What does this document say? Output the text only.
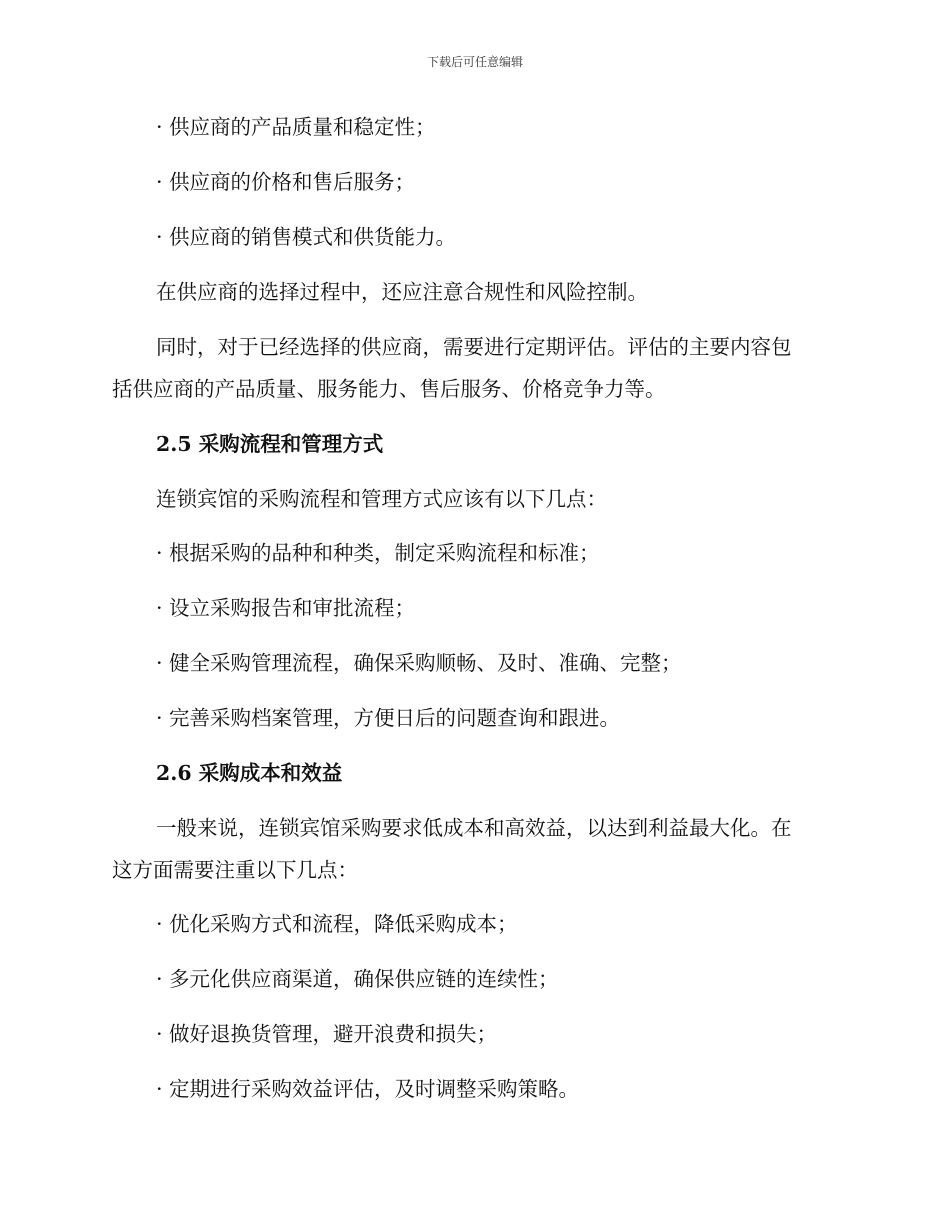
下载后可任意编辑
· 供应商的产品质量和稳定性；
· 供应商的价格和售后服务；
· 供应商的销售模式和供货能力。
在供应商的选择过程中，还应注意合规性和风险控制。
同时，对于已经选择的供应商，需要进行定期评估。评估的主要内容包
括供应商的产品质量、服务能力、售后服务、价格竞争力等。
2.5 采购流程和管理方式
连锁宾馆的采购流程和管理方式应该有以下几点：
· 根据采购的品种和种类，制定采购流程和标准；
· 设立采购报告和审批流程；
· 健全采购管理流程，确保采购顺畅、及时、准确、完整；
· 完善采购档案管理，方便日后的问题查询和跟进。
2.6 采购成本和效益
一般来说，连锁宾馆采购要求低成本和高效益，以达到利益最大化。在
这方面需要注重以下几点：
· 优化采购方式和流程，降低采购成本；
· 多元化供应商渠道，确保供应链的连续性；
· 做好退换货管理，避开浪费和损失；
· 定期进行采购效益评估，及时调整采购策略。
